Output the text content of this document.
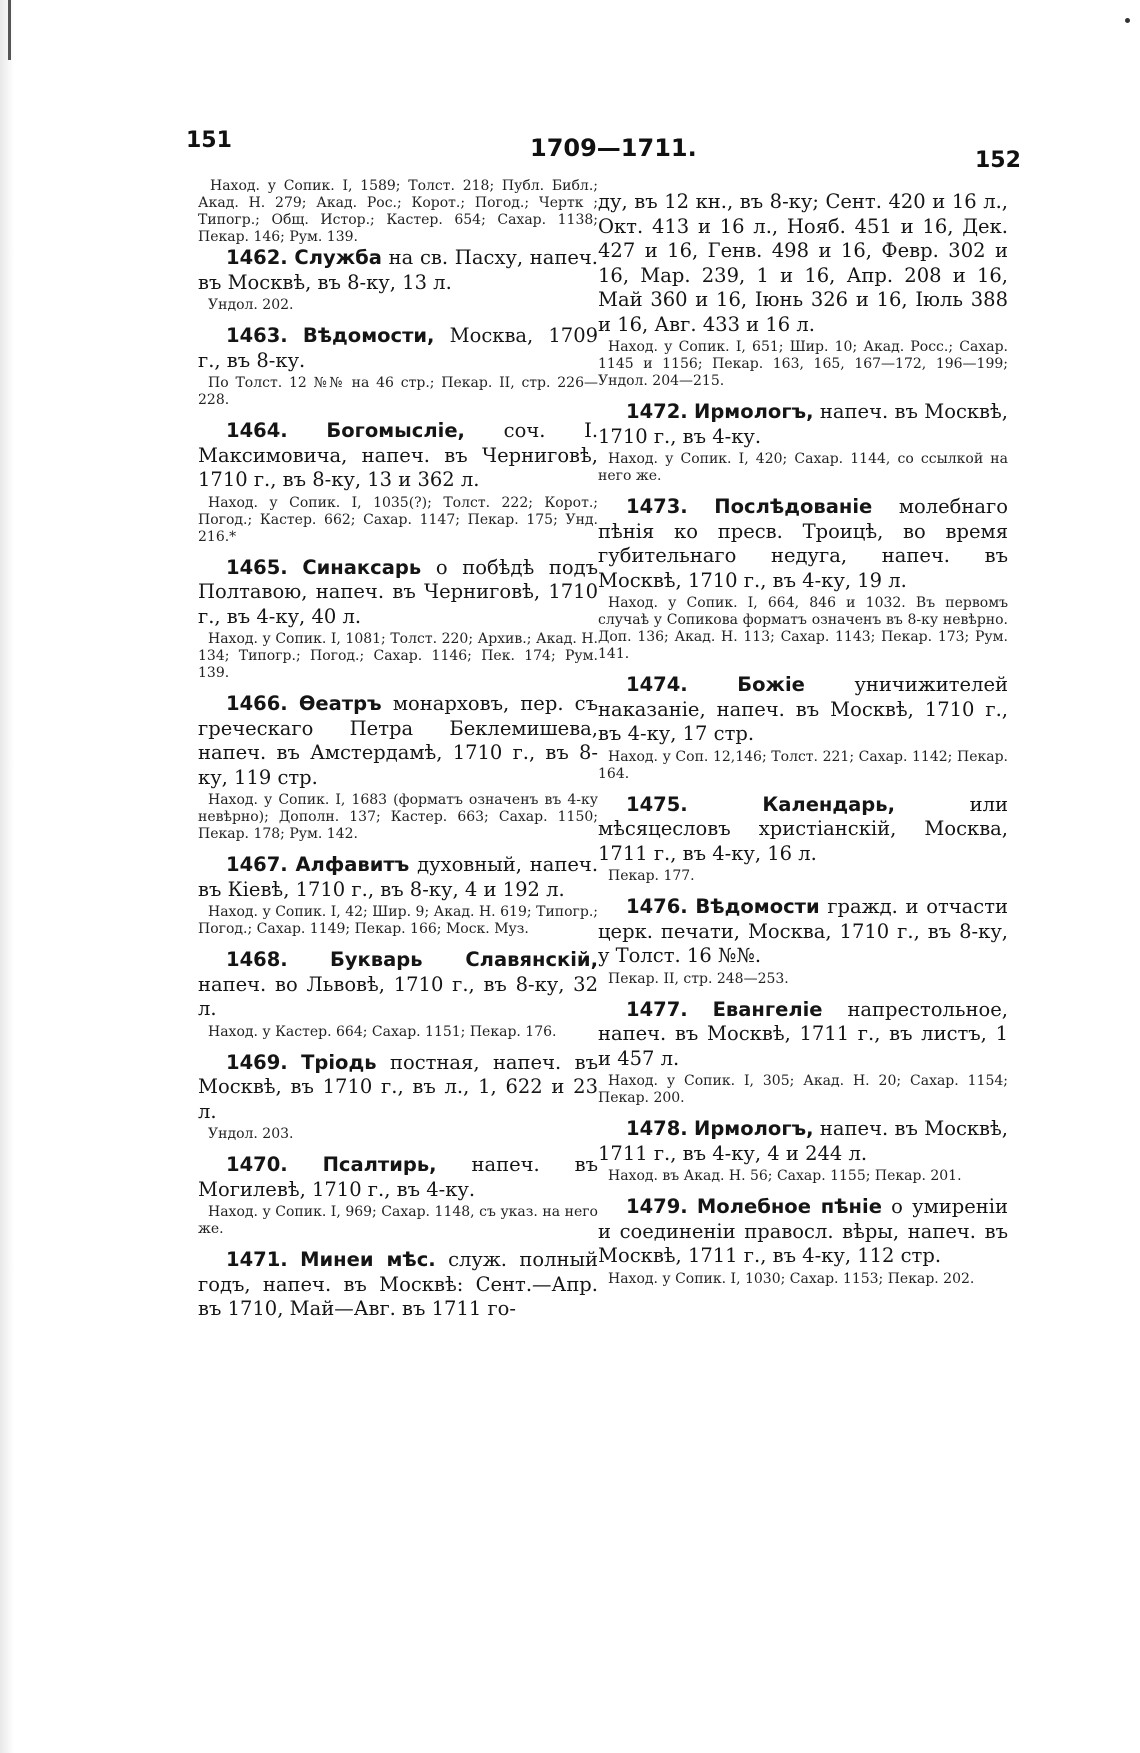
151	1709—1711.	152

Наход. у Сопик. I, 1589; Толст. 218; Публ. Библ.; Акад. Н. 279; Акад. Рос.; Корот.; Погод.; Чертк ; Типогр.; Общ. Истор.; Кастер. 654; Сахар. 1138; Пекар. 146; Рум. 139.

1462. Служба на св. Пасху, напеч. въ Москвѣ, въ 8-ку, 13 л.

Ундол. 202.

1463. Вѣдомости, Москва, 1709 г., въ 8-ку.

По Толст. 12 №№ на 46 стр.; Пекар. II, стр. 226—228.

1464. Богомысліе, соч. I. Максимовича, напеч. въ Черниговѣ, 1710 г., въ 8-ку, 13 и 362 л.

Наход. у Сопик. I, 1035(?); Толст. 222; Корот.; Погод.; Кастер. 662; Сахар. 1147; Пекар. 175; Унд. 216.*

1465. Синаксарь о побѣдѣ подъ Полтавою, напеч. въ Черниговѣ, 1710 г., въ 4-ку, 40 л.

Наход. у Сопик. I, 1081; Толст. 220; Архив.; Акад. Н. 134; Типогр.; Погод.; Сахар. 1146; Пек. 174; Рум. 139.

1466. Ѳеатръ монарховъ, пер. съ греческаго Петра Беклемишева, напеч. въ Амстердамѣ, 1710 г., въ 8-ку, 119 стр.

Наход. у Сопик. I, 1683 (форматъ означенъ въ 4-ку невѣрно); Дополн. 137; Кастер. 663; Сахар. 1150; Пекар. 178; Рум. 142.

1467. Алфавитъ духовный, напеч. въ Кіевѣ, 1710 г., въ 8-ку, 4 и 192 л.

Наход. у Сопик. I, 42; Шир. 9; Акад. Н. 619; Типогр.; Погод.; Сахар. 1149; Пекар. 166; Моск. Муз.

1468. Букварь Славянскій, напеч. во Львовѣ, 1710 г., въ 8-ку, 32 л.

Наход. у Кастер. 664; Сахар. 1151; Пекар. 176.

1469. Тріодь постная, напеч. въ Москвѣ, въ 1710 г., въ л., 1, 622 и 23 л.

Ундол. 203.

1470. Псалтирь, напеч. въ Могилевѣ, 1710 г., въ 4-ку.

Наход. у Сопик. I, 969; Сахар. 1148, съ указ. на него же.

1471. Минеи мѣс. служ. полный годъ, напеч. въ Москвѣ: Сент.—Апр. въ 1710, Май—Авг. въ 1711 го-

ду, въ 12 кн., въ 8-ку; Сент. 420 и 16 л., Окт. 413 и 16 л., Нояб. 451 и 16, Дек. 427 и 16, Генв. 498 и 16, Февр. 302 и 16, Мар. 239, 1 и 16, Апр. 208 и 16, Май 360 и 16, Іюнь 326 и 16, Іюль 388 и 16, Авг. 433 и 16 л.

Наход. у Сопик. I, 651; Шир. 10; Акад. Росс.; Сахар. 1145 и 1156; Пекар. 163, 165, 167—172, 196—199; Ундол. 204—215.

1472. Ирмологъ, напеч. въ Москвѣ, 1710 г., въ 4-ку.

Наход. у Сопик. I, 420; Сахар. 1144, со ссылкой на него же.

1473. Послѣдованіе молебнаго пѣнія ко пресв. Троицѣ, во время губительнаго недуга, напеч. въ Москвѣ, 1710 г., въ 4-ку, 19 л.

Наход. у Сопик. I, 664, 846 и 1032. Въ первомъ случаѣ у Сопикова форматъ означенъ въ 8-ку невѣрно. Доп. 136; Акад. Н. 113; Сахар. 1143; Пекар. 173; Рум. 141.

1474.	Божіе	уничижителей наказаніе, напеч. въ Москвѣ, 1710 г., въ 4-ку, 17 стр.

Наход. у Соп. 12,146; Толст. 221; Сахар. 1142; Пекар. 164.

1475.	Календарь,	или мѣсяцесловъ христіанскій, Москва, 1711 г., въ 4-ку, 16 л.

Пекар. 177.

1476. Вѣдомости гражд. и отчасти церк. печати, Москва, 1710 г., въ 8-ку, у Толст. 16 №№.

Пекар. II, стр. 248—253.

1477. Евангеліе напрестольное, напеч. въ Москвѣ, 1711 г., въ листъ, 1 и 457 л.

Наход. у Сопик. I, 305; Акад. Н. 20; Сахар. 1154; Пекар. 200.

1478. Ирмологъ, напеч. въ Москвѣ, 1711 г., въ 4-ку, 4 и 244 л.

Наход. въ Акад. Н. 56; Сахар. 1155; Пекар. 201.

1479. Молебное пѣніе о умиреніи и соединеніи правосл. вѣры, напеч. въ Москвѣ, 1711 г., въ 4-ку, 112 стр.

Наход. у Сопик. I, 1030; Сахар. 1153; Пекар. 202.
